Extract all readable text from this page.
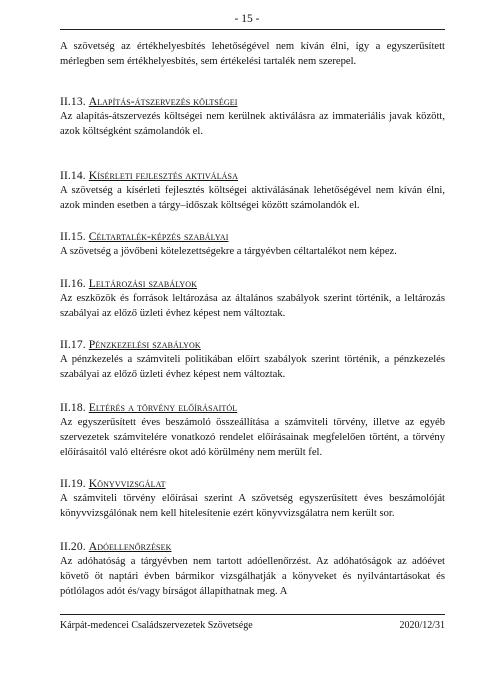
- 15 -

A szövetség az értékhelyesbítés lehetőségével nem kíván élni, így a egyszerűsített mérlegben sem értékhelyesbítés, sem értékelési tartalék nem szerepel.

II.13. Alapítás-átszervezés költségei

Az alapítás-átszervezés költségei nem kerülnek aktiválásra az immateriális javak között, azok költségként számolandók el.

II.14. Kísérleti fejlesztés aktiválása

A szövetség a kísérleti fejlesztés költségei aktiválásának lehetőségével nem kíván élni, azok minden esetben a tárgy–időszak költségei között számolandók el.

II.15. Céltartalék-képzés szabályai

A szövetség a jövőbeni kötelezettségekre a tárgyévben céltartalékot nem képez.

II.16. Leltározási szabályok

Az eszközök és források leltározása az általános szabályok szerint történik, a leltározás szabályai az előző üzleti évhez képest nem változtak.

II.17. Pénzkezelési szabályok

A pénzkezelés a számviteli politikában előírt szabályok szerint történik, a pénzkezelés szabályai az előző üzleti évhez képest nem változtak.

II.18. Eltérés a törvény előírásaitól

Az egyszerűsített éves beszámoló összeállítása a számviteli törvény, illetve az egyéb szervezetek számvitelére vonatkozó rendelet előírásainak megfelelően történt, a törvény előírásaitól való eltérésre okot adó körülmény nem merült fel.

II.19. Könyvvizsgálat

A számviteli törvény előírásai szerint A szövetség egyszerűsített éves beszámolóját könyvvizsgálónak nem kell hitelesítenie ezért könyvvizsgálatra nem került sor.

II.20. Adóellenőrzések

Az adóhatóság a tárgyévben nem tartott adóellenőrzést. Az adóhatóságok az adóévet követő öt naptári évben bármikor vizsgálhatják a könyveket és nyilvántartásokat és pótlólagos adót és/vagy bírságot állapíthatnak meg. A

Kárpát-medencei Családszervezetek Szövetsége	2020/12/31
